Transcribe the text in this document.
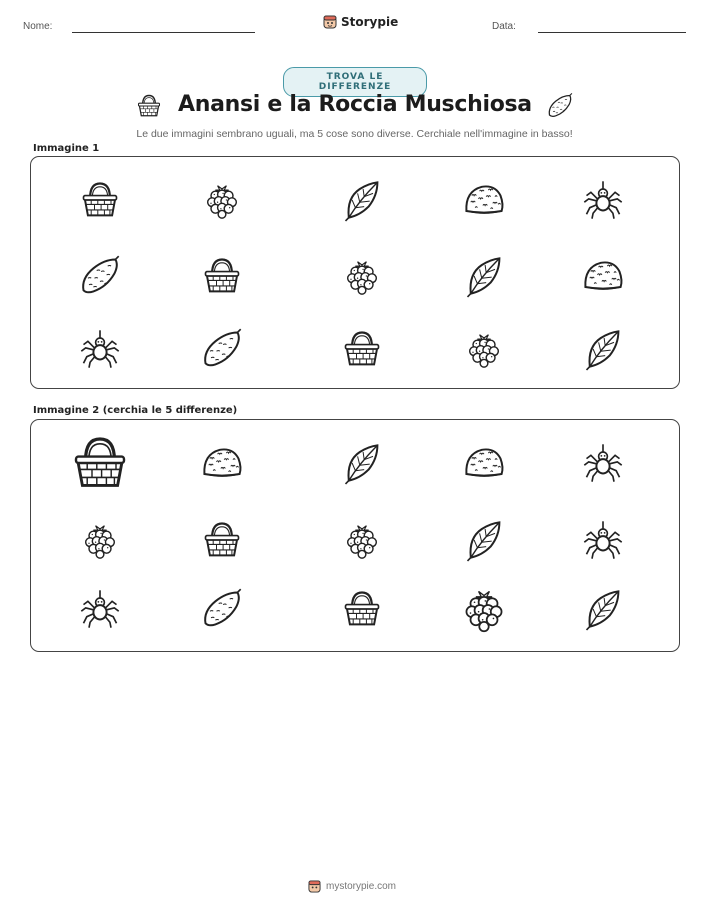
Nome:	Storypie	Data:
TROVA LE DIFFERENZE
Anansi e la Roccia Muschiosa
Le due immagini sembrano uguali, ma 5 cose sono diverse. Cerchiale nell'immagine in basso!
Immagine 1
Immagine 2 (cerchia le 5 differenze)
mystorypie.com
